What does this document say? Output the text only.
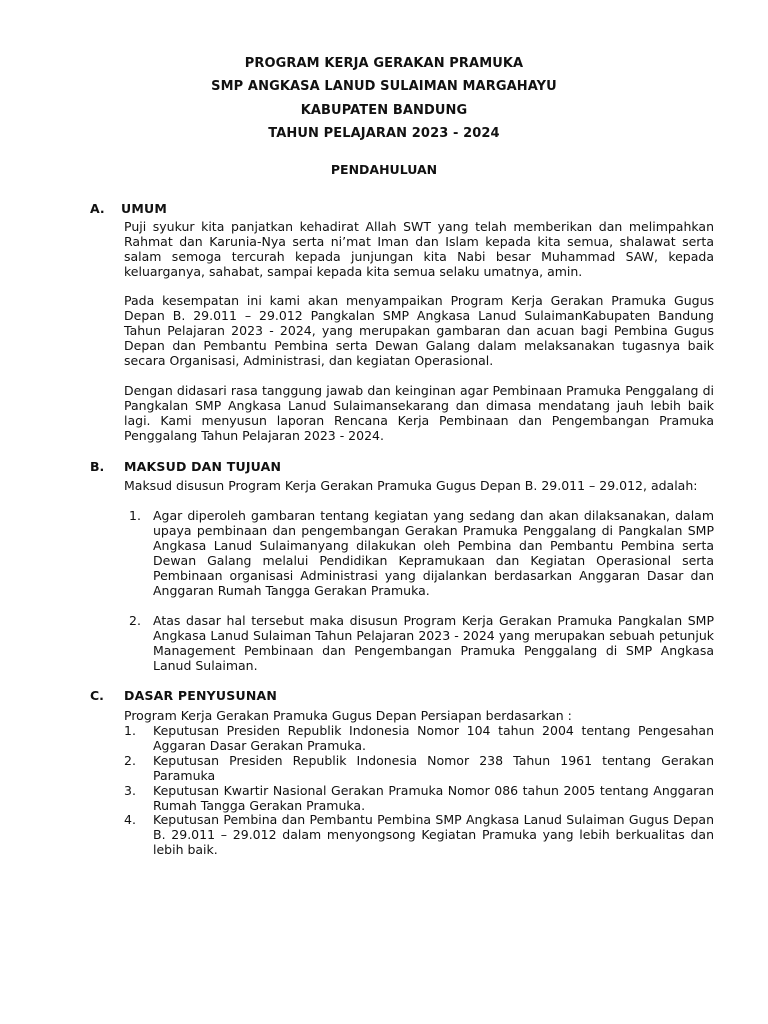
PROGRAM KERJA GERAKAN PRAMUKA
SMP ANGKASA LANUD SULAIMAN MARGAHAYU
KABUPATEN BANDUNG
TAHUN PELAJARAN 2023 - 2024
PENDAHULUAN
A. UMUM
Puji syukur kita panjatkan kehadirat Allah SWT yang telah memberikan dan melimpahkan Rahmat dan Karunia-Nya serta ni’mat Iman dan Islam kepada kita semua, shalawat serta salam semoga tercurah kepada junjungan kita Nabi besar Muhammad SAW, kepada keluarganya, sahabat, sampai kepada kita semua selaku umatnya, amin.
Pada kesempatan ini kami akan menyampaikan Program Kerja Gerakan Pramuka Gugus Depan B. 29.011 – 29.012 Pangkalan SMP Angkasa Lanud SulaimanKabupaten Bandung Tahun Pelajaran 2023 - 2024, yang merupakan gambaran dan acuan bagi Pembina Gugus Depan dan Pembantu Pembina serta Dewan Galang dalam melaksanakan tugasnya baik secara Organisasi, Administrasi, dan kegiatan Operasional.
Dengan didasari rasa tanggung jawab dan keinginan agar Pembinaan Pramuka Penggalang di Pangkalan SMP Angkasa Lanud Sulaimansekarang dan dimasa mendatang jauh lebih baik lagi. Kami menyusun laporan Rencana Kerja Pembinaan dan Pengembangan Pramuka Penggalang Tahun Pelajaran 2023 - 2024.
B. MAKSUD DAN TUJUAN
Maksud disusun Program Kerja Gerakan Pramuka Gugus Depan B. 29.011 – 29.012, adalah:
1. Agar diperoleh gambaran tentang kegiatan yang sedang dan akan dilaksanakan, dalam upaya pembinaan dan pengembangan Gerakan Pramuka Penggalang di Pangkalan SMP Angkasa Lanud Sulaimanyang dilakukan oleh Pembina dan Pembantu Pembina serta Dewan Galang melalui Pendidikan Kepramukaan dan Kegiatan Operasional serta Pembinaan organisasi Administrasi yang dijalankan berdasarkan Anggaran Dasar dan Anggaran Rumah Tangga Gerakan Pramuka.
2. Atas dasar hal tersebut maka disusun Program Kerja Gerakan Pramuka Pangkalan SMP Angkasa Lanud Sulaiman Tahun Pelajaran 2023 - 2024 yang merupakan sebuah petunjuk Management Pembinaan dan Pengembangan Pramuka Penggalang di SMP Angkasa Lanud Sulaiman.
C. DASAR PENYUSUNAN
Program Kerja Gerakan Pramuka Gugus Depan Persiapan berdasarkan :
1.	Keputusan Presiden Republik Indonesia Nomor 104 tahun 2004 tentang Pengesahan Aggaran Dasar Gerakan Pramuka.
2.	Keputusan Presiden Republik Indonesia Nomor 238 Tahun 1961 tentang Gerakan Paramuka
3.	Keputusan Kwartir Nasional Gerakan Pramuka Nomor 086 tahun 2005 tentang Anggaran Rumah Tangga Gerakan Pramuka.
4.	Keputusan Pembina dan Pembantu Pembina SMP Angkasa Lanud Sulaiman Gugus Depan B. 29.011 – 29.012 dalam menyongsong Kegiatan Pramuka yang lebih berkualitas dan lebih baik.
